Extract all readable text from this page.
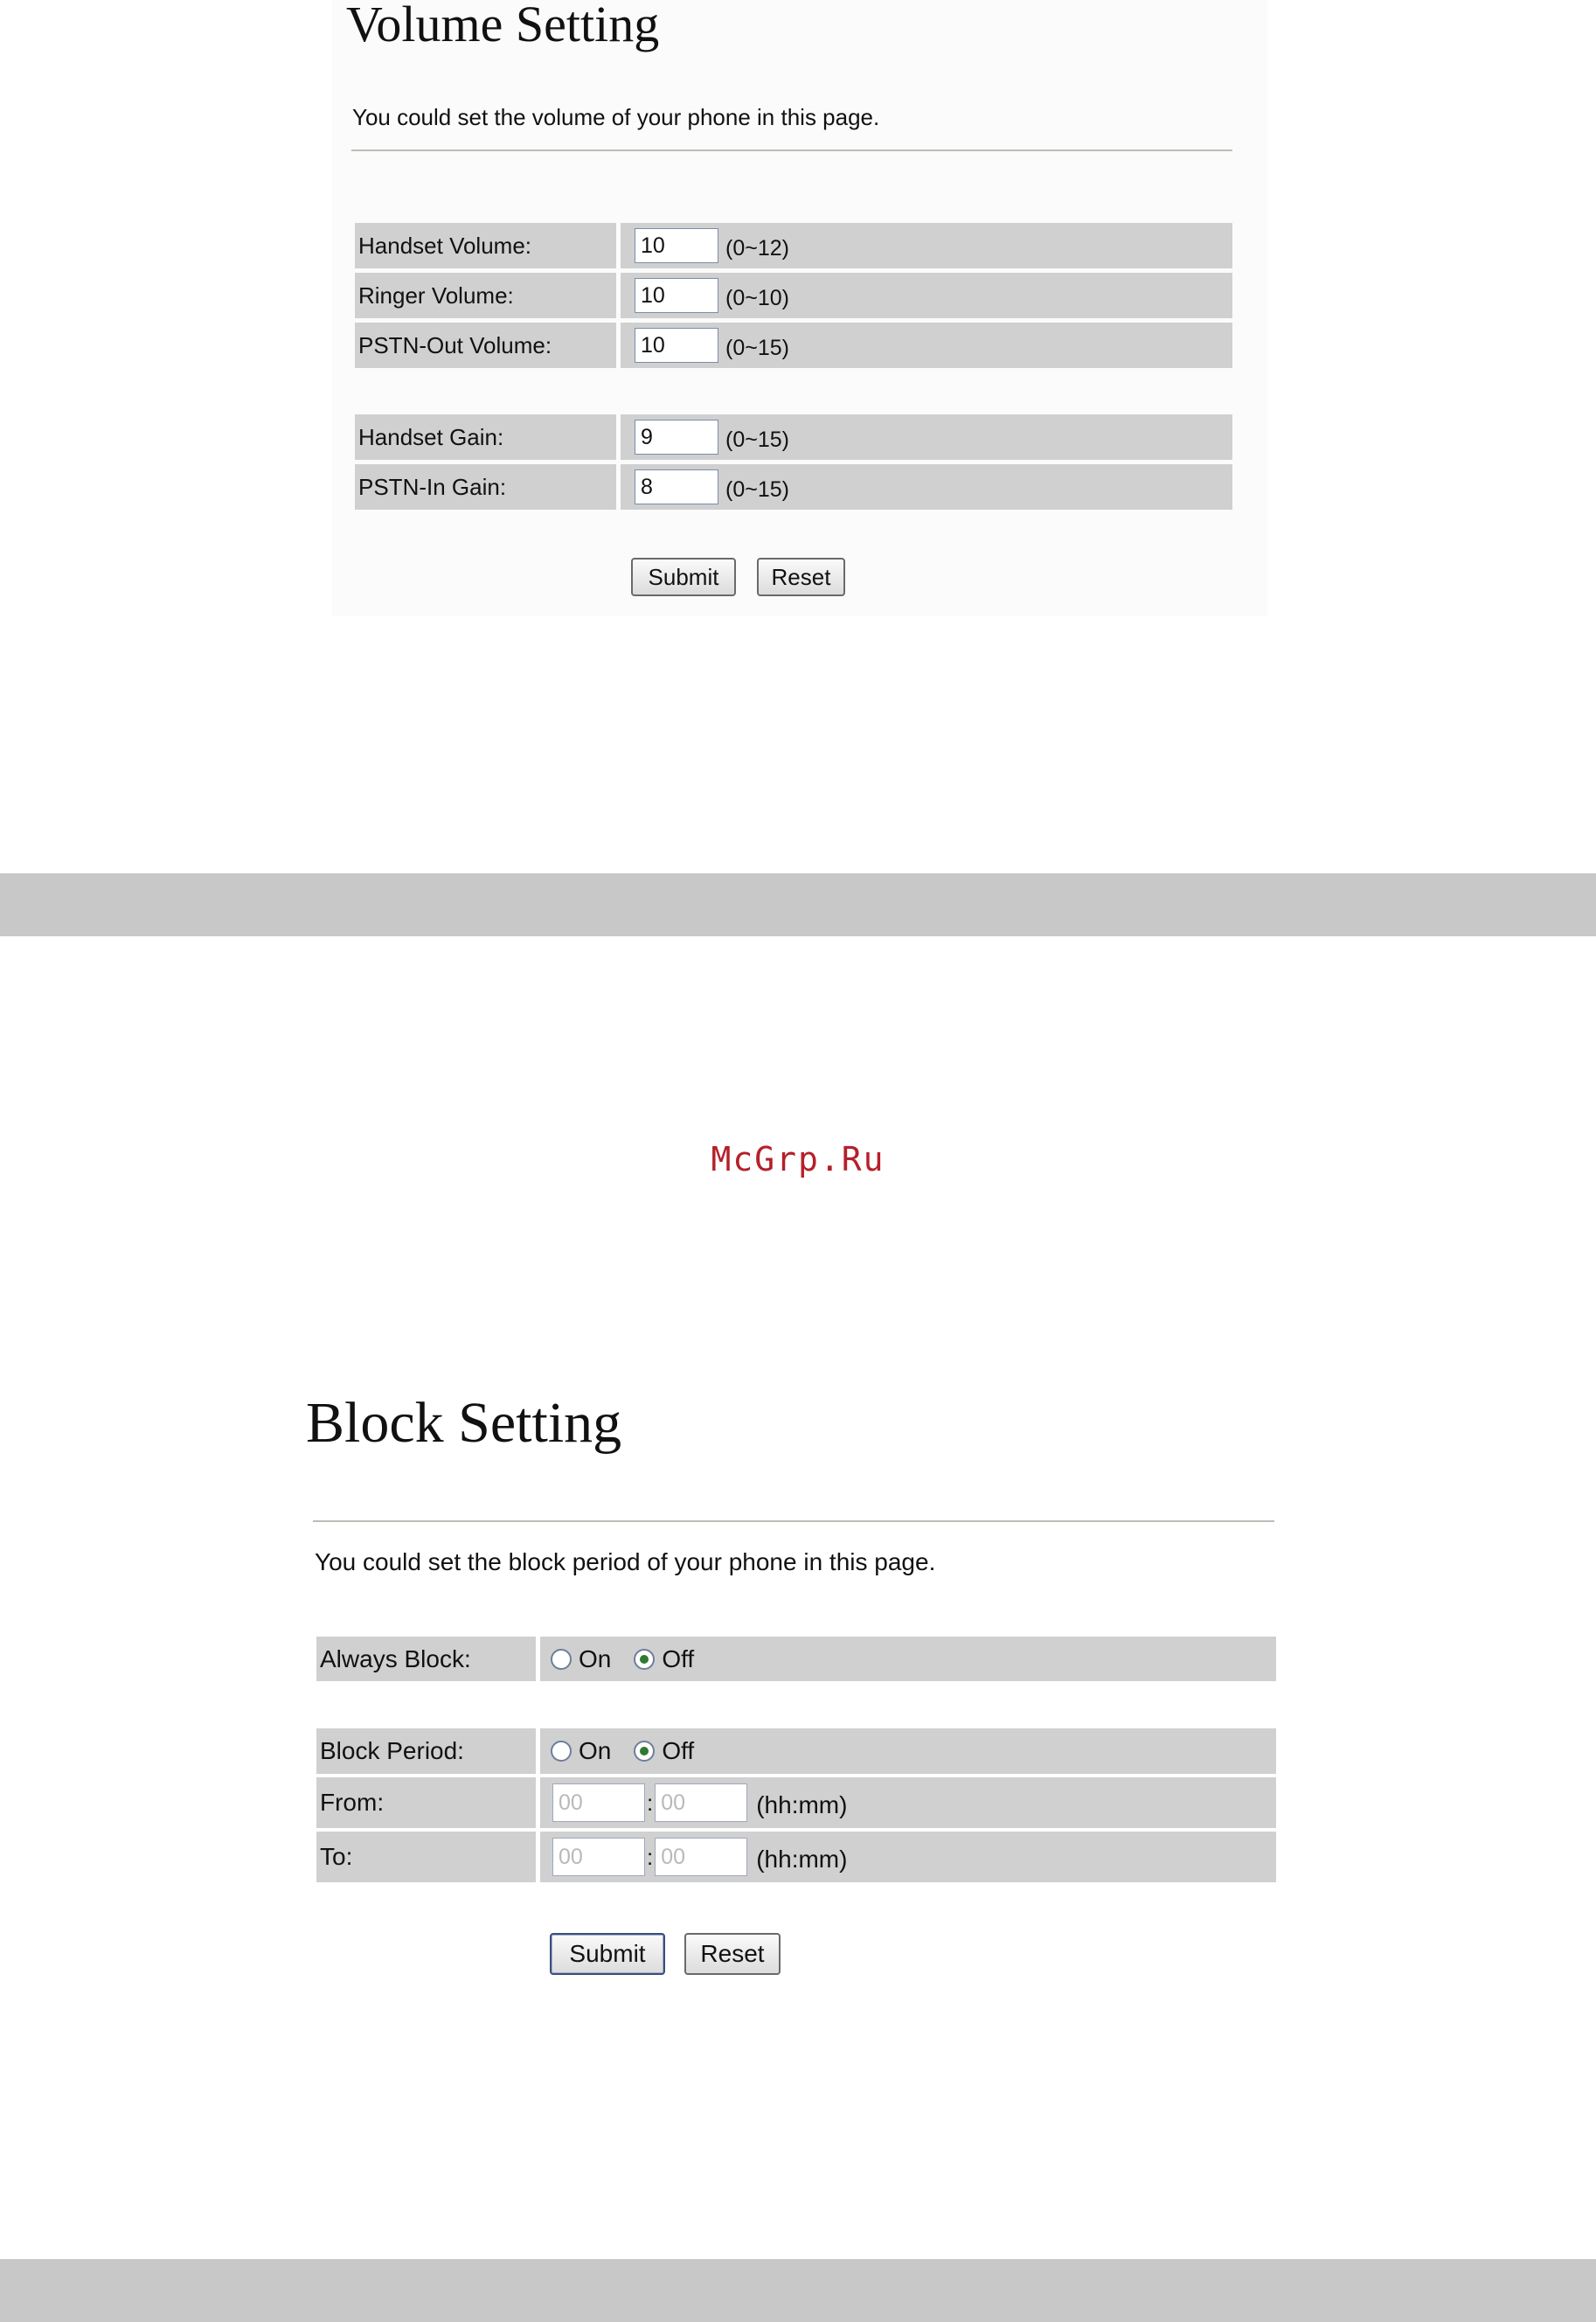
Volume Setting

You could set the volume of your phone in this page.

Handset Volume:
10	(0~12)
Ringer Volume:
10	(0~10)
PSTN-Out Volume:
10	(0~15)
Handset Gain:
9	(0~15)
PSTN-In Gain:
8	(0~15)
Submit	Reset
McGrp.Ru
Block Setting

You could set the block period of your phone in this page.

Always Block:	On Off
Block Period:	On Off
From:
00	:
00	(hh:mm)
To:
00	:
00	(hh:mm)
Submit	Reset
